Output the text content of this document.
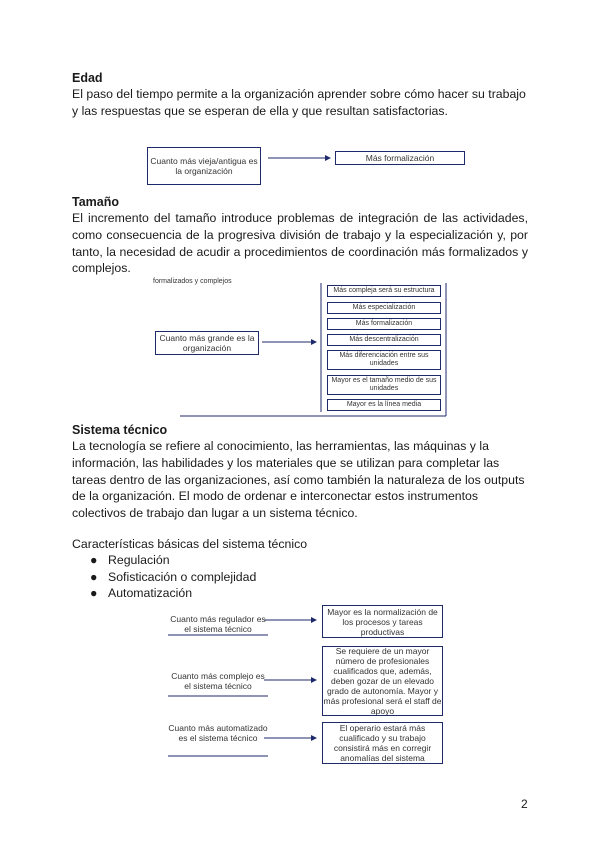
Edad
El paso del tiempo permite a la organización aprender sobre cómo hacer su trabajo
y las respuestas que se esperan de ella y que resultan satisfactorias.
Cuanto más vieja/antigua es la organización
Más formalización
Tamaño
El incremento del tamaño introduce problemas de integración de las actividades,
como consecuencia de la progresiva división de trabajo y la especialización y, por
tanto, la necesidad de acudir a procedimientos de coordinación más formalizados y
complejos.
formalizados y complejos
Cuanto más grande es la organización
Más compleja será su estructura
Más especialización
Más formalización
Más descentralización
Más diferenciación entre sus unidades
Mayor es el tamaño medio de sus unidades
Mayor es la línea media
Sistema técnico
La tecnología se refiere al conocimiento, las herramientas, las máquinas y la
información, las habilidades y los materiales que se utilizan para completar las
tareas dentro de las organizaciones, así como también la naturaleza de los outputs
de la organización. El modo de ordenar e interconectar estos instrumentos
colectivos de trabajo dan lugar a un sistema técnico.
Características básicas del sistema técnico
● Regulación
● Sofisticación o complejidad
● Automatización
Cuanto más regulador es el sistema técnico
Mayor es la normalización de los procesos y tareas productivas
Cuanto más complejo es el sistema técnico
Se requiere de un mayor número de profesionales cualificados que, además, deben gozar de un elevado grado de autonomía. Mayor y más profesional será el staff de apoyo
Cuanto más automatizado es el sistema técnico
El operario estará más cualificado y su trabajo consistirá más en corregir anomalías del sistema
2
